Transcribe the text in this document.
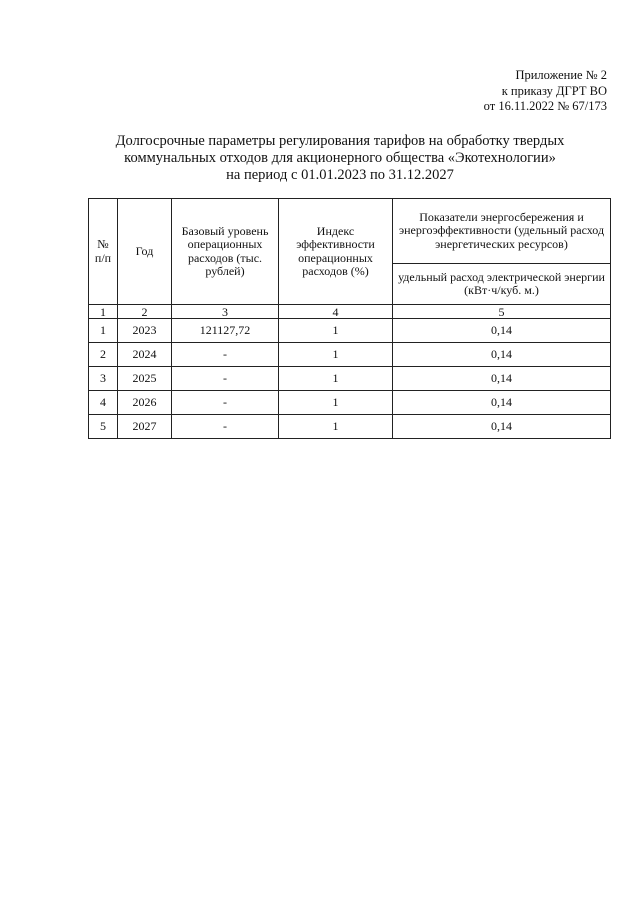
Приложение № 2
к приказу ДГРТ ВО
от 16.11.2022 № 67/173
Долгосрочные параметры регулирования тарифов на обработку твердых
коммунальных отходов для акционерного общества «Экотехнологии»
на период с 01.01.2023 по 31.12.2027
№ п/п	Год	Базовый уровень операционных расходов (тыс. рублей)	Индекс эффективности операционных расходов (%)	Показатели энергосбережения и энергоэффективности (удельный расход энергетических ресурсов)
				удельный расход электрической энергии (кВт·ч/куб. м.)
1	2	3	4	5
1	2023	121127,72	1	0,14
2	2024	-	1	0,14
3	2025	-	1	0,14
4	2026	-	1	0,14
5	2027	-	1	0,14
